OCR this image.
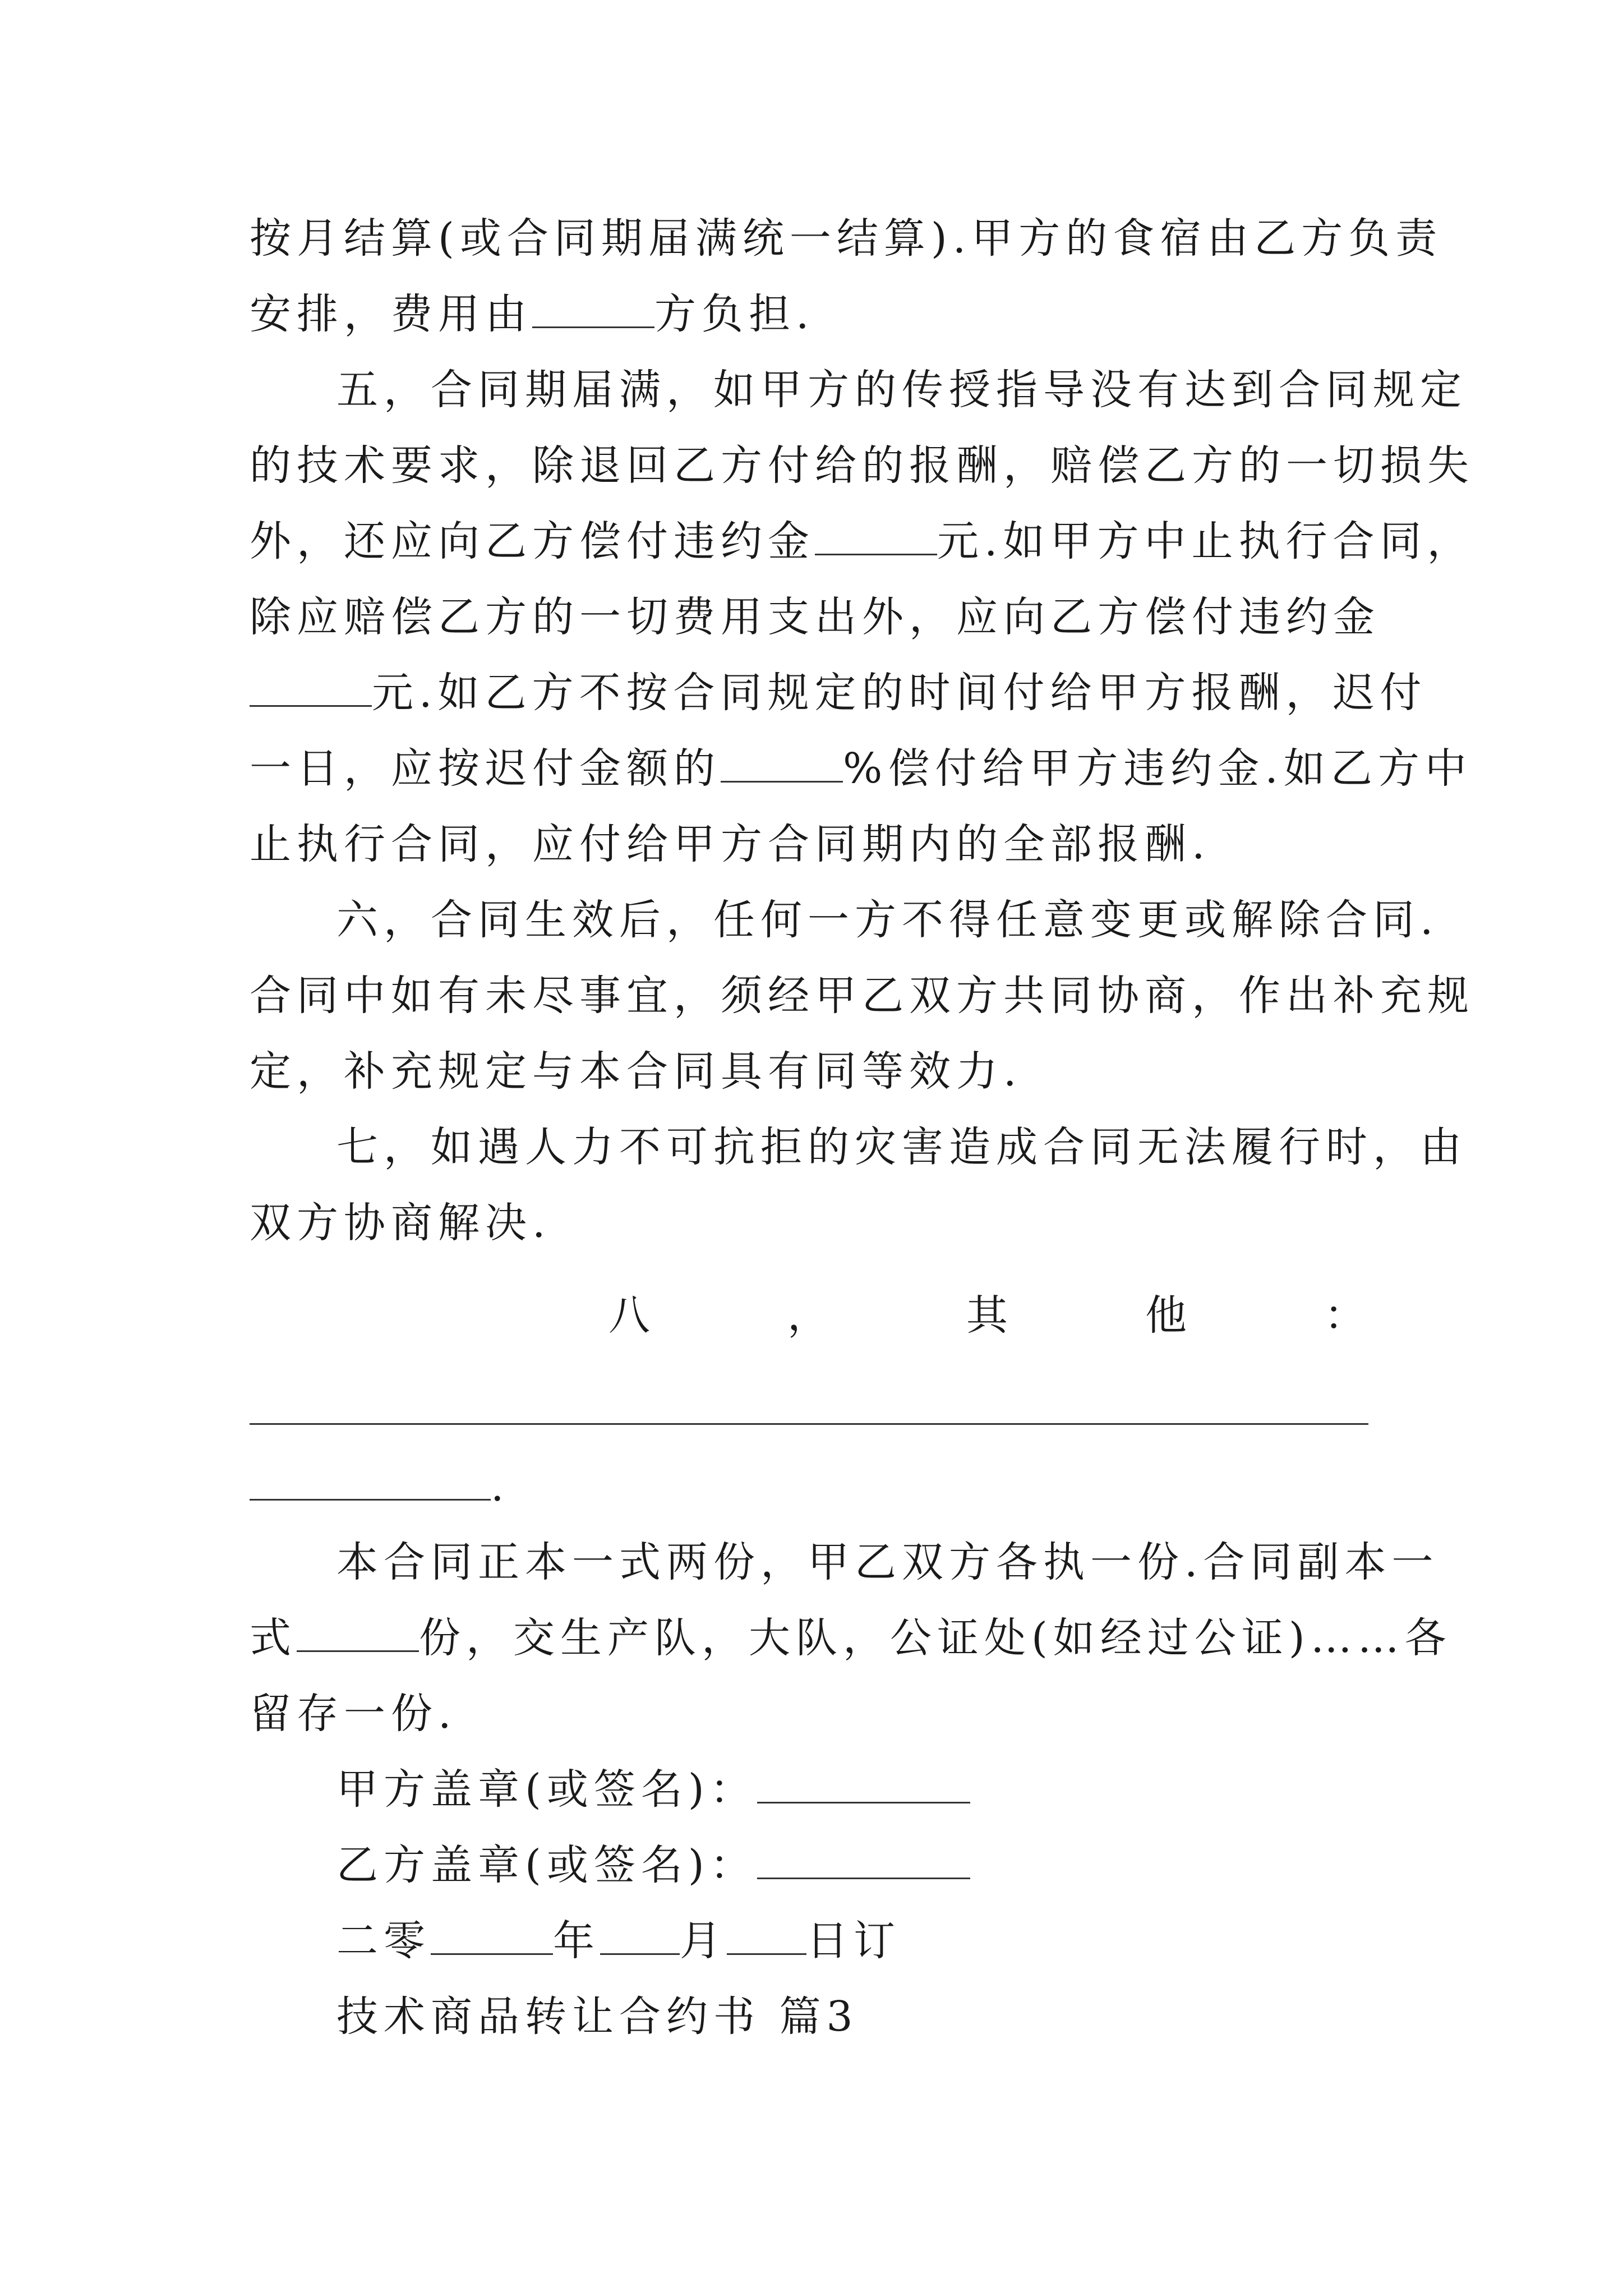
按月结算(或合同期届满统一结算).甲方的食宿由乙方负责
安排，费用由	方负担.
五，合同期届满，如甲方的传授指导没有达到合同规定
的技术要求，除退回乙方付给的报酬，赔偿乙方的一切损失
外，还应向乙方偿付违约金	元.如甲方中止执行合同，
除应赔偿乙方的一切费用支出外，应向乙方偿付违约金
元.如乙方不按合同规定的时间付给甲方报酬，迟付
一日，应按迟付金额的	%偿付给甲方违约金.如乙方中
止执行合同，应付给甲方合同期内的全部报酬.
六，合同生效后，任何一方不得任意变更或解除合同.
合同中如有未尽事宜，须经甲乙双方共同协商，作出补充规
定，补充规定与本合同具有同等效力.
七，如遇人力不可抗拒的灾害造成合同无法履行时，由
双方协商解决.
八	，	其	他	：
.
本合同正本一式两份，甲乙双方各执一份.合同副本一
式	份，交生产队，大队，公证处(如经过公证)……各
留存一份.
甲方盖章(或签名)：
乙方盖章(或签名)：
二零	年 月 日订
技术商品转让合约书 篇3
